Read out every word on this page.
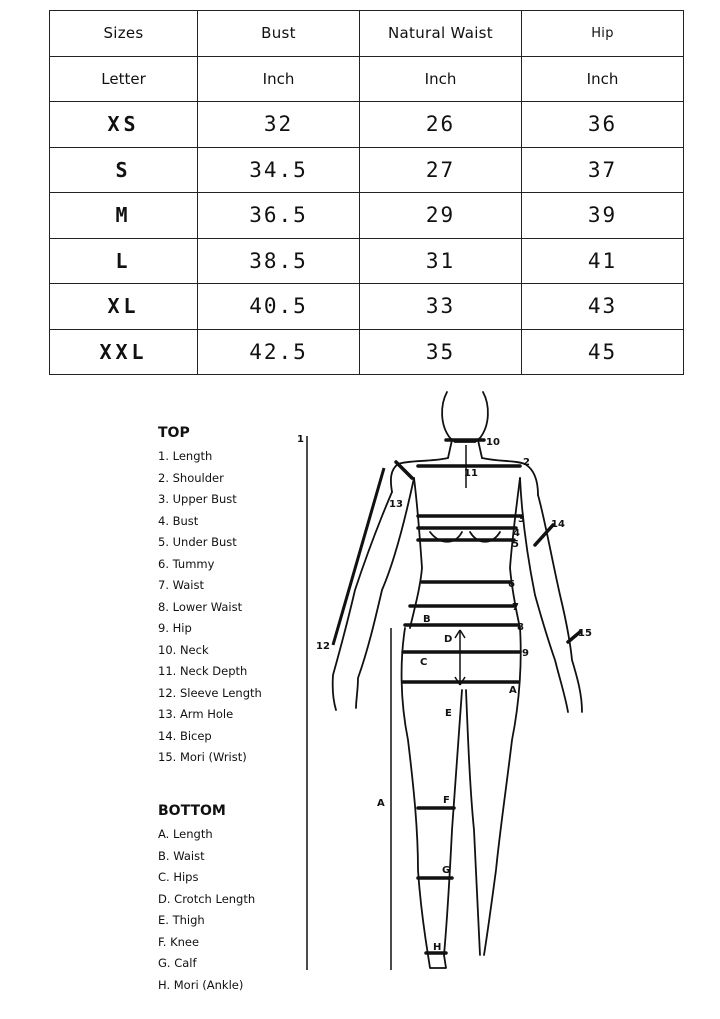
Sizes	Bust	Natural Waist	Hip
Letter	Inch	Inch	Inch
XS	32	26	36
S	34.5	27	37
M	36.5	29	39
L	38.5	31	41
XL	40.5	33	43
XXL	42.5	35	45
TOP
1. Length
2. Shoulder
3. Upper Bust
4. Bust
5. Under Bust
6. Tummy
7. Waist
8. Lower Waist
9. Hip
10. Neck
11. Neck Depth
12. Sleeve Length
13. Arm Hole
14. Bicep
15. Mori (Wrist)
BOTTOM
A. Length
B. Waist
C. Hips
D. Crotch Length
E. Thigh
F. Knee
G. Calf
H. Mori (Ankle)
1
2
3
4
5
6
7
8
9
10
11
12
13
14
15
A
A
B
C
D
E
F
G
H
